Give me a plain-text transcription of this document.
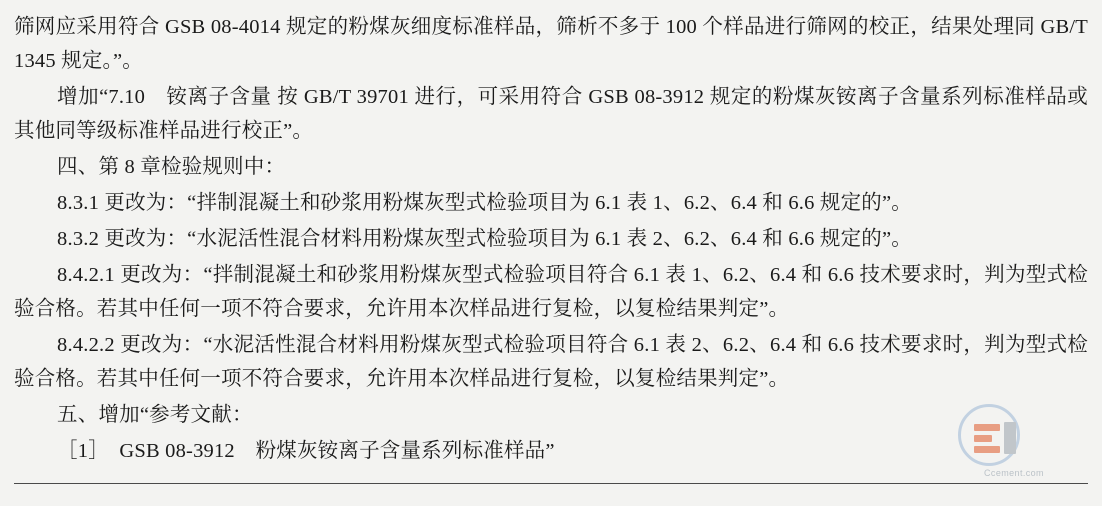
筛网应采用符合 GSB 08-4014 规定的粉煤灰细度标准样品，筛析不多于 100 个样品进行筛网的校正，结果处理同 GB/T 1345 规定。”。

增加“7.10　铵离子含量 按 GB/T 39701 进行，可采用符合 GSB 08-3912 规定的粉煤灰铵离子含量系列标准样品或其他同等级标准样品进行校正”。

四、第 8 章检验规则中：

8.3.1 更改为：“拌制混凝土和砂浆用粉煤灰型式检验项目为 6.1 表 1、6.2、6.4 和 6.6 规定的”。

8.3.2 更改为：“水泥活性混合材料用粉煤灰型式检验项目为 6.1 表 2、6.2、6.4 和 6.6 规定的”。

8.4.2.1 更改为：“拌制混凝土和砂浆用粉煤灰型式检验项目符合 6.1 表 1、6.2、6.4 和 6.6 技术要求时，判为型式检验合格。若其中任何一项不符合要求，允许用本次样品进行复检，以复检结果判定”。

8.4.2.2 更改为：“水泥活性混合材料用粉煤灰型式检验项目符合 6.1 表 2、6.2、6.4 和 6.6 技术要求时，判为型式检验合格。若其中任何一项不符合要求，允许用本次样品进行复检，以复检结果判定”。

五、增加“参考文献：

［1］　GSB 08-3912　粉煤灰铵离子含量系列标准样品”

Ccement.com
